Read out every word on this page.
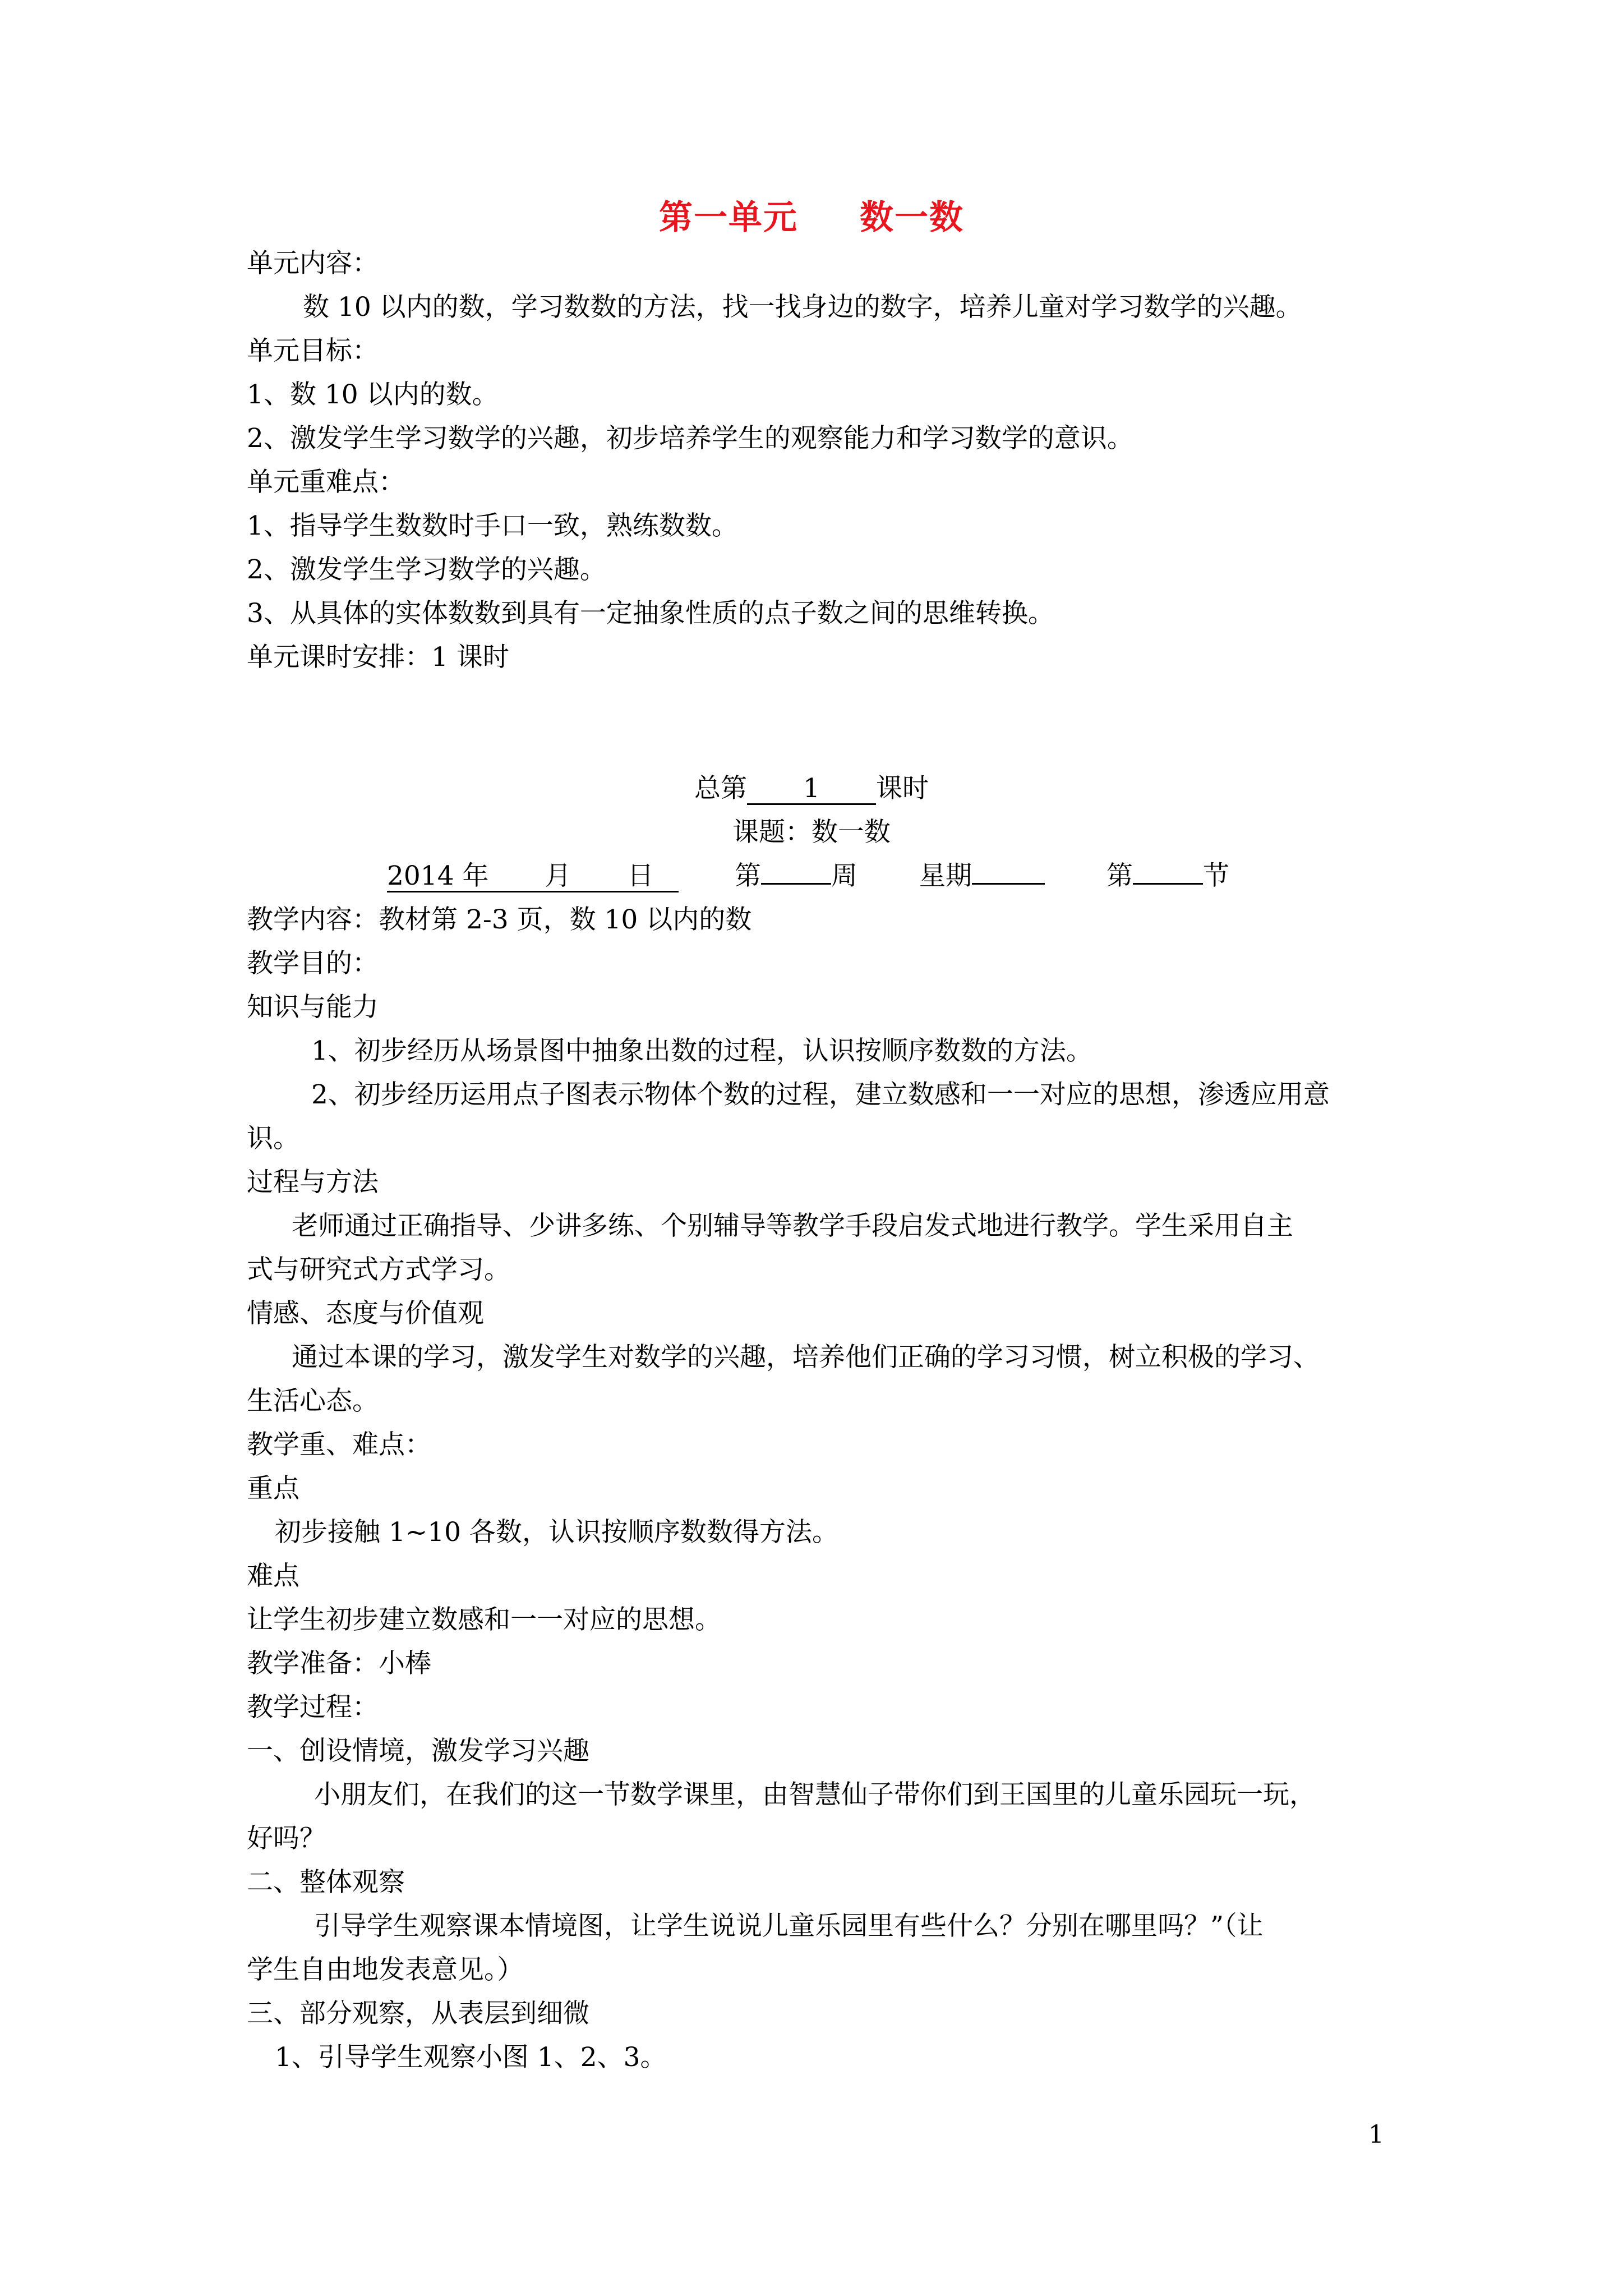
第一单元 数一数
单元内容：
数 10 以内的数，学习数数的方法，找一找身边的数字，培养儿童对学习数学的兴趣。
单元目标：
1、数 10 以内的数。
2、激发学生学习数学的兴趣，初步培养学生的观察能力和学习数学的意识。
单元重难点：
1、指导学生数数时手口一致，熟练数数。
2、激发学生学习数学的兴趣。
3、从具体的实体数数到具有一定抽象性质的点子数之间的思维转换。
单元课时安排：1 课时
总第 1 课时
课题：数一数
2014 年 月 日	第	周 星期	第	节
教学内容：教材第 2-3 页，数 10 以内的数
教学目的：
知识与能力
1、初步经历从场景图中抽象出数的过程，认识按顺序数数的方法。
2、初步经历运用点子图表示物体个数的过程，建立数感和一一对应的思想，渗透应用意
识。
过程与方法
老师通过正确指导、少讲多练、个别辅导等教学手段启发式地进行教学。学生采用自主
式与研究式方式学习。
情感、态度与价值观
通过本课的学习，激发学生对数学的兴趣，培养他们正确的学习习惯，树立积极的学习、
生活心态。
教学重、难点：
重点
初步接触 1~10 各数，认识按顺序数数得方法。
难点
让学生初步建立数感和一一对应的思想。
教学准备：小棒
教学过程：
一、创设情境，激发学习兴趣
小朋友们，在我们的这一节数学课里，由智慧仙子带你们到王国里的儿童乐园玩一玩，
好吗？
二、整体观察
引导学生观察课本情境图，让学生说说儿童乐园里有些什么？分别在哪里吗？”（让
学生自由地发表意见。）
三、部分观察，从表层到细微
1、引导学生观察小图 1、2、3。
1
